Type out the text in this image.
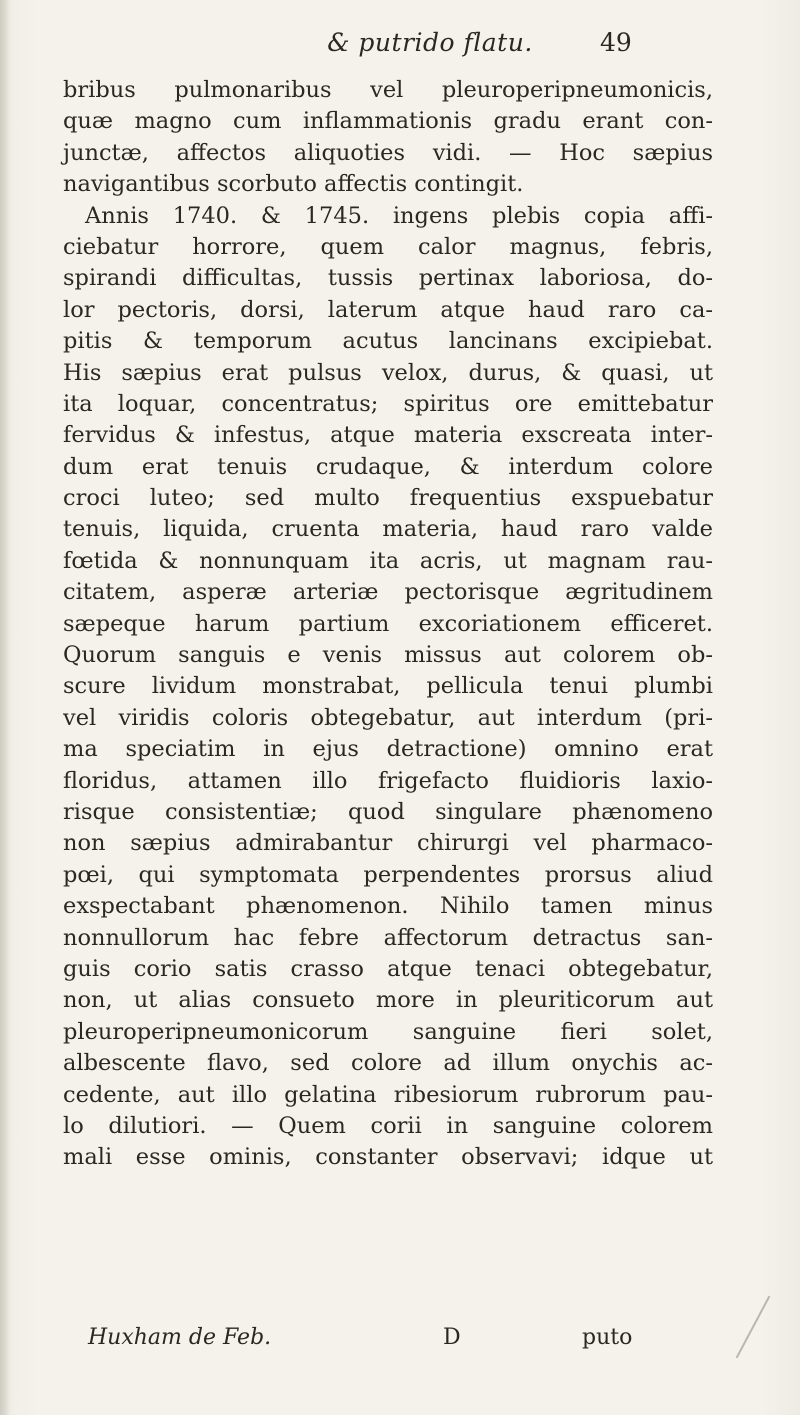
& putrido flatu.	49
bribus pulmonaribus vel pleuroperipneumonicis,
quæ magno cum inflammationis gradu erant con-
junctæ, affectos aliquoties vidi. — Hoc sæpius
navigantibus scorbuto affectis contingit.
Annis 1740. & 1745. ingens plebis copia affi-
ciebatur horrore, quem calor magnus, febris,
spirandi difficultas, tussis pertinax laboriosa, do-
lor pectoris, dorsi, laterum atque haud raro ca-
pitis & temporum acutus lancinans excipiebat.
His sæpius erat pulsus velox, durus, & quasi, ut
ita loquar, concentratus; spiritus ore emittebatur
fervidus & infestus, atque materia exscreata inter-
dum erat tenuis crudaque, & interdum colore
croci luteo; sed multo frequentius exspuebatur
tenuis, liquida, cruenta materia, haud raro valde
fœtida & nonnunquam ita acris, ut magnam rau-
citatem, asperæ arteriæ pectorisque ægritudinem
sæpeque harum partium excoriationem efficeret.
Quorum sanguis e venis missus aut colorem ob-
scure lividum monstrabat, pellicula tenui plumbi
vel viridis coloris obtegebatur, aut interdum (pri-
ma speciatim in ejus detractione) omnino erat
floridus, attamen illo frigefacto fluidioris laxio-
risque consistentiæ; quod singulare phænomeno
non sæpius admirabantur chirurgi vel pharmaco-
pœi, qui symptomata perpendentes prorsus aliud
exspectabant phænomenon. Nihilo tamen minus
nonnullorum hac febre affectorum detractus san-
guis corio satis crasso atque tenaci obtegebatur,
non, ut alias consueto more in pleuriticorum aut
pleuroperipneumonicorum sanguine fieri solet,
albescente flavo, sed colore ad illum onychis ac-
cedente, aut illo gelatina ribesiorum rubrorum pau-
lo dilutiori. — Quem corii in sanguine colorem
mali esse ominis, constanter observavi; idque ut
Huxham de Feb.	D	puto
